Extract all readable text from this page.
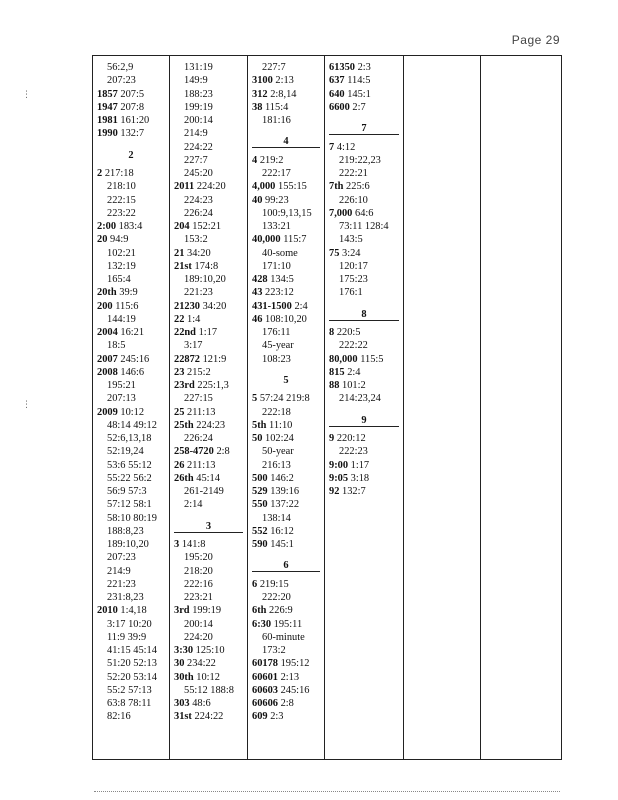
Page 29
56:2,9
207:23
1857 207:5
1947 207:8
1981 161:20
1990 132:7
2
2 217:18
218:10
222:15
223:22
2:00 183:4
20 94:9
102:21
132:19
165:4
20th 39:9
200 115:6
144:19
2004 16:21
18:5
2007 245:16
2008 146:6
195:21
207:13
2009 10:12
48:14 49:12
52:6,13,18
52:19,24
53:6 55:12
55:22 56:2
56:9 57:3
57:12 58:1
58:10 80:19
188:8,23
189:10,20
207:23
214:9
221:23
231:8,23
2010 1:4,18
3:17 10:20
11:9 39:9
41:15 45:14
51:20 52:13
52:20 53:14
55:2 57:13
63:8 78:11
82:16
131:19
149:9
188:23
199:19
200:14
214:9
224:22
227:7
245:20
2011 224:20
224:23
226:24
204 152:21
153:2
21 34:20
21st 174:8
189:10,20
221:23
21230 34:20
22 1:4
22nd 1:17
3:17
22872 121:9
23 215:2
23rd 225:1,3
227:15
25 211:13
25th 224:23
226:24
258-4720 2:8
26 211:13
26th 45:14
261-2149
2:14
3
3 141:8
195:20
218:20
222:16
223:21
3rd 199:19
200:14
224:20
3:30 125:10
30 234:22
30th 10:12
55:12 188:8
303 48:6
31st 224:22
227:7
3100 2:13
312 2:8,14
38 115:4
181:16
4
4 219:2
222:17
4,000 155:15
40 99:23
100:9,13,15
133:21
40,000 115:7
40-some
171:10
428 134:5
43 223:12
431-1500 2:4
46 108:10,20
176:11
45-year
108:23
5
5 57:24 219:8
222:18
5th 11:10
50 102:24
50-year
216:13
500 146:2
529 139:16
550 137:22
138:14
552 16:12
590 145:1
6
6 219:15
222:20
6th 226:9
6:30 195:11
60-minute
173:2
60178 195:12
60601 2:13
60603 245:16
60606 2:8
609 2:3
61350 2:3
637 114:5
640 145:1
6600 2:7
7
7 4:12
219:22,23
222:21
7th 225:6
226:10
7,000 64:6
73:11 128:4
143:5
75 3:24
120:17
175:23
176:1
8
8 220:5
222:22
80,000 115:5
815 2:4
88 101:2
214:23,24
9
9 220:12
222:23
9:00 1:17
9:05 3:18
92 132:7
⋮
⋮
